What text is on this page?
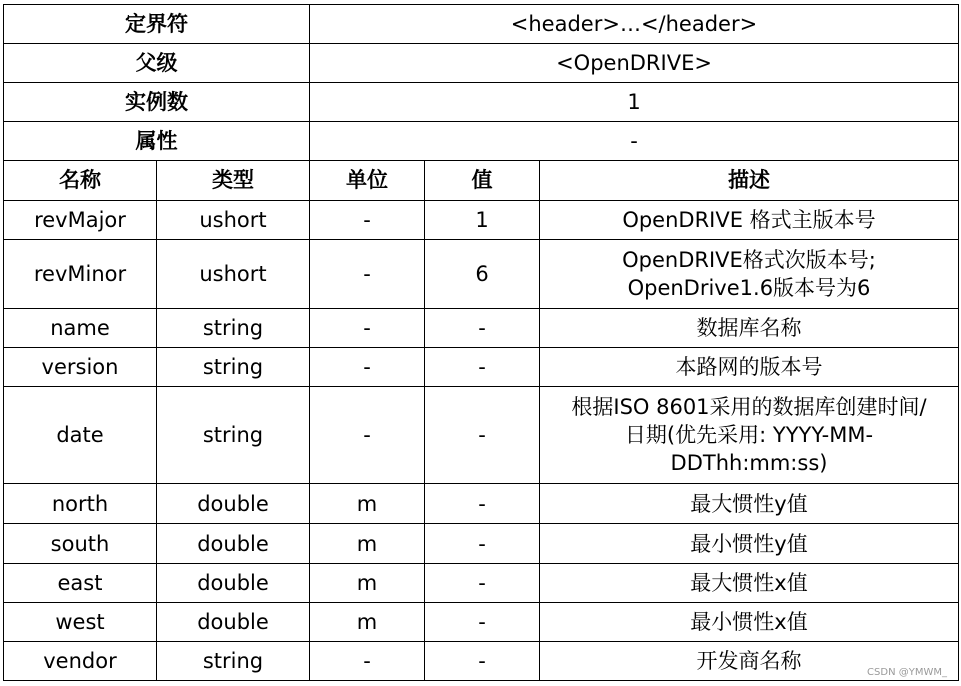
定界符		<header>…</header>		
父级		<OpenDRIVE>		
实例数		1		
属性		-		
名称	类型	单位	值	描述
revMajor	ushort	-	1	OpenDRIVE 格式主版本号

revMinor	ushort	-	6	OpenDRIVE格式次版本号;
OpenDrive1.6版本号为6

name	string	-	-	数据库名称

version	string	-	-	本路网的版本号

date	string	-	-	根据ISO 8601采用的数据库创建时间/
日期(优先采用: YYYY-MM-
DDThh:mm:ss)

north	double	m	-	最大惯性y值

south	double	m	-	最小惯性y值

east	double	m	-	最大惯性x值

west	double	m	-	最小惯性x值

vendor	string	-	-	开发商名称	CSDN @YMWM_
